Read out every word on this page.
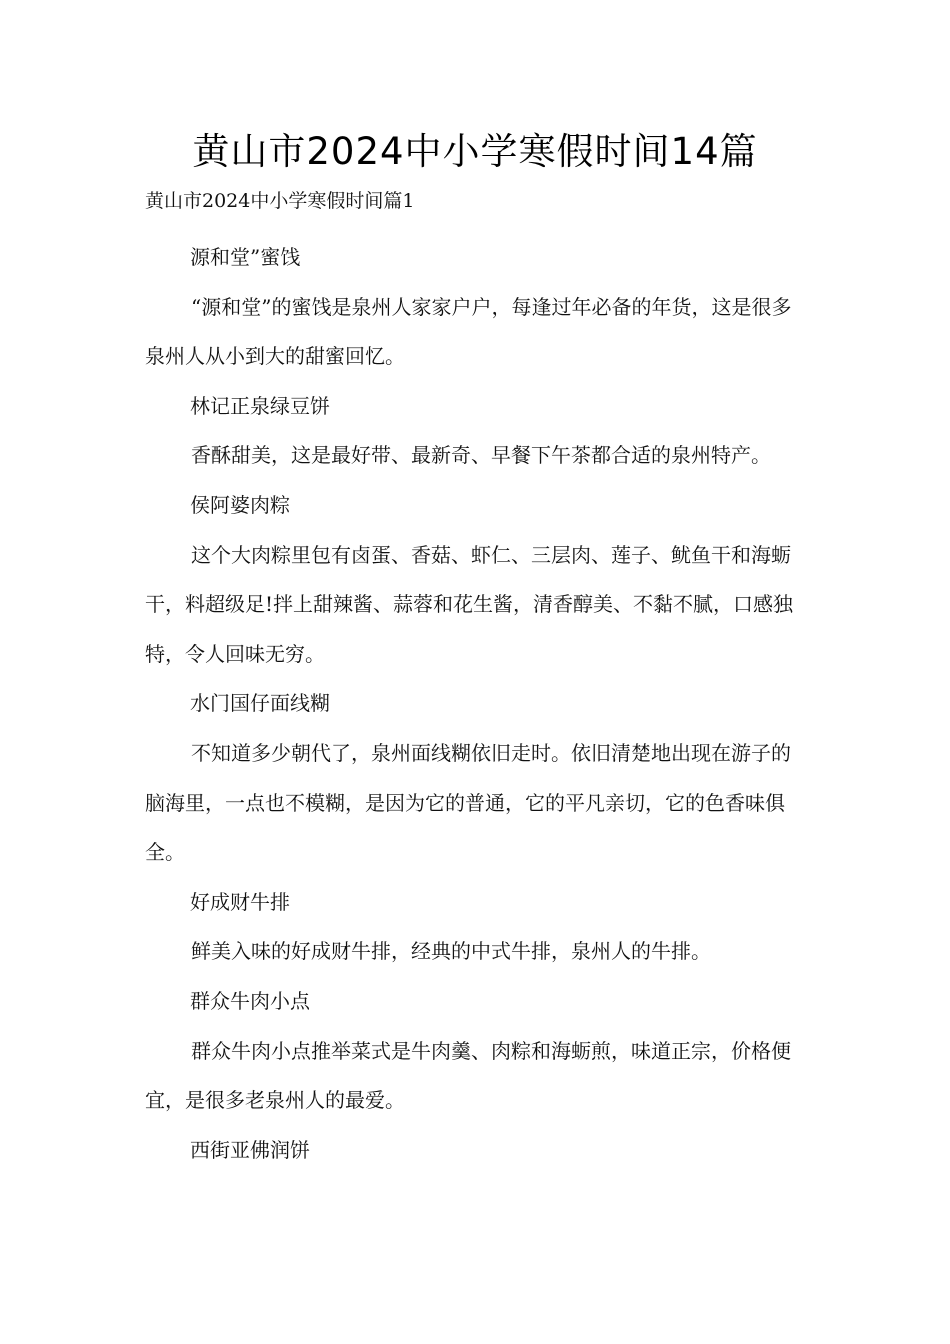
黄山市2024中小学寒假时间14篇

黄山市2024中小学寒假时间篇1

源和堂”蜜饯

“源和堂”的蜜饯是泉州人家家户户，每逢过年必备的年货，这是很多泉州人从小到大的甜蜜回忆。

林记正泉绿豆饼

香酥甜美，这是最好带、最新奇、早餐下午茶都合适的泉州特产。

侯阿婆肉粽

这个大肉粽里包有卤蛋、香菇、虾仁、三层肉、莲子、鱿鱼干和海蛎干，料超级足!拌上甜辣酱、蒜蓉和花生酱，清香醇美、不黏不腻，口感独特，令人回味无穷。

水门国仔面线糊

不知道多少朝代了，泉州面线糊依旧走时。依旧清楚地出现在游子的脑海里，一点也不模糊，是因为它的普通，它的平凡亲切，它的色香味俱全。

好成财牛排

鲜美入味的好成财牛排，经典的中式牛排，泉州人的牛排。

群众牛肉小点

群众牛肉小点推举菜式是牛肉羹、肉粽和海蛎煎，味道正宗，价格便宜，是很多老泉州人的最爱。

西街亚佛润饼
